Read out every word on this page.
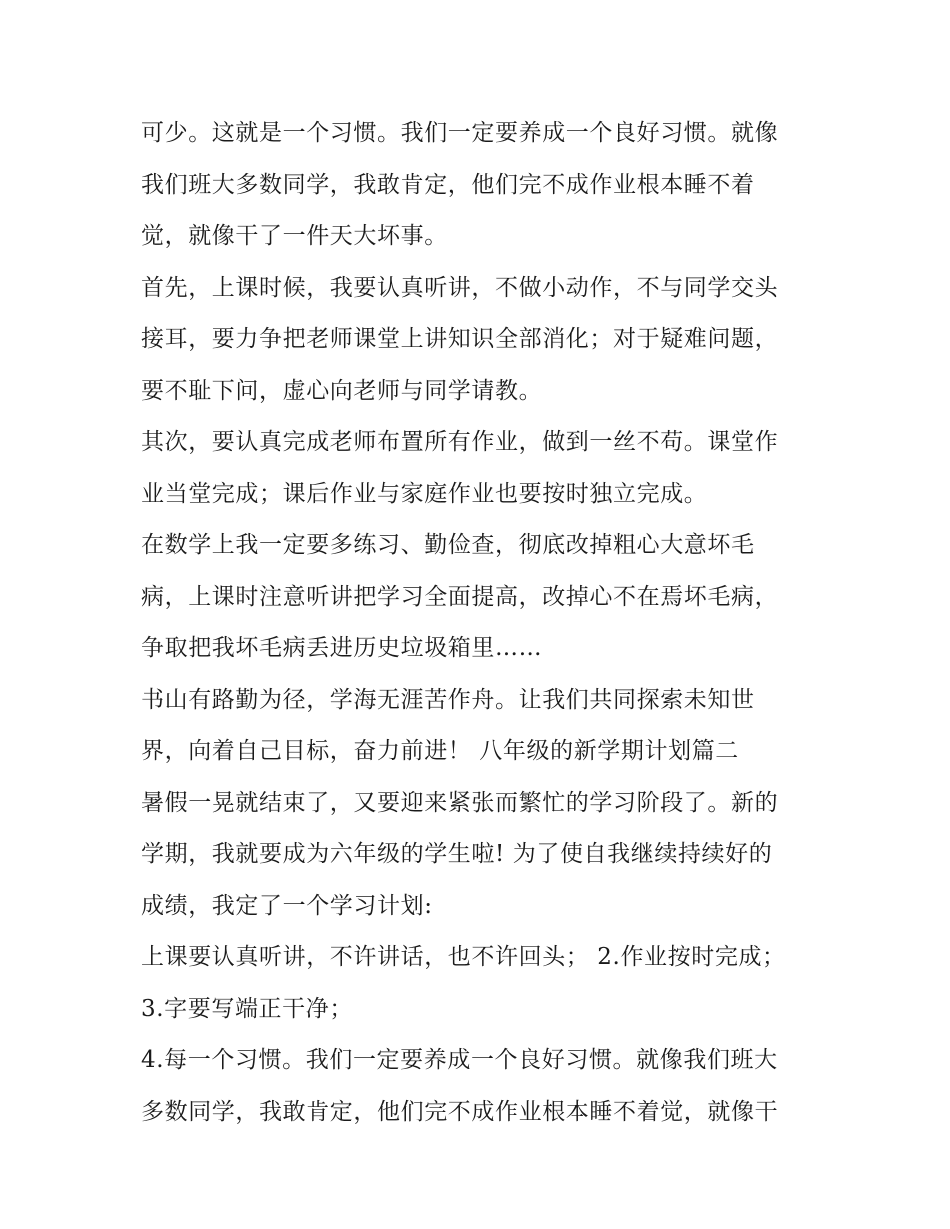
可少。这就是一个习惯。我们一定要养成一个良好习惯。就像
我们班大多数同学，我敢肯定，他们完不成作业根本睡不着
觉，就像干了一件天大坏事。
首先，上课时候，我要认真听讲，不做小动作，不与同学交头
接耳，要力争把老师课堂上讲知识全部消化；对于疑难问题，
要不耻下问，虚心向老师与同学请教。
其次，要认真完成老师布置所有作业，做到一丝不苟。课堂作
业当堂完成；课后作业与家庭作业也要按时独立完成。
在数学上我一定要多练习、勤俭查，彻底改掉粗心大意坏毛
病，上课时注意听讲把学习全面提高，改掉心不在焉坏毛病，
争取把我坏毛病丢进历史垃圾箱里……
书山有路勤为径，学海无涯苦作舟。让我们共同探索未知世
界，向着自己目标，奋力前进！ 八年级的新学期计划篇二
暑假一晃就结束了，又要迎来紧张而繁忙的学习阶段了。新的
学期，我就要成为六年级的学生啦! 为了使自我继续持续好的
成绩，我定了一个学习计划:
上课要认真听讲，不许讲话，也不许回头； 2.作业按时完成；
3.字要写端正干净；
4.每一个习惯。我们一定要养成一个良好习惯。就像我们班大
多数同学，我敢肯定，他们完不成作业根本睡不着觉，就像干
